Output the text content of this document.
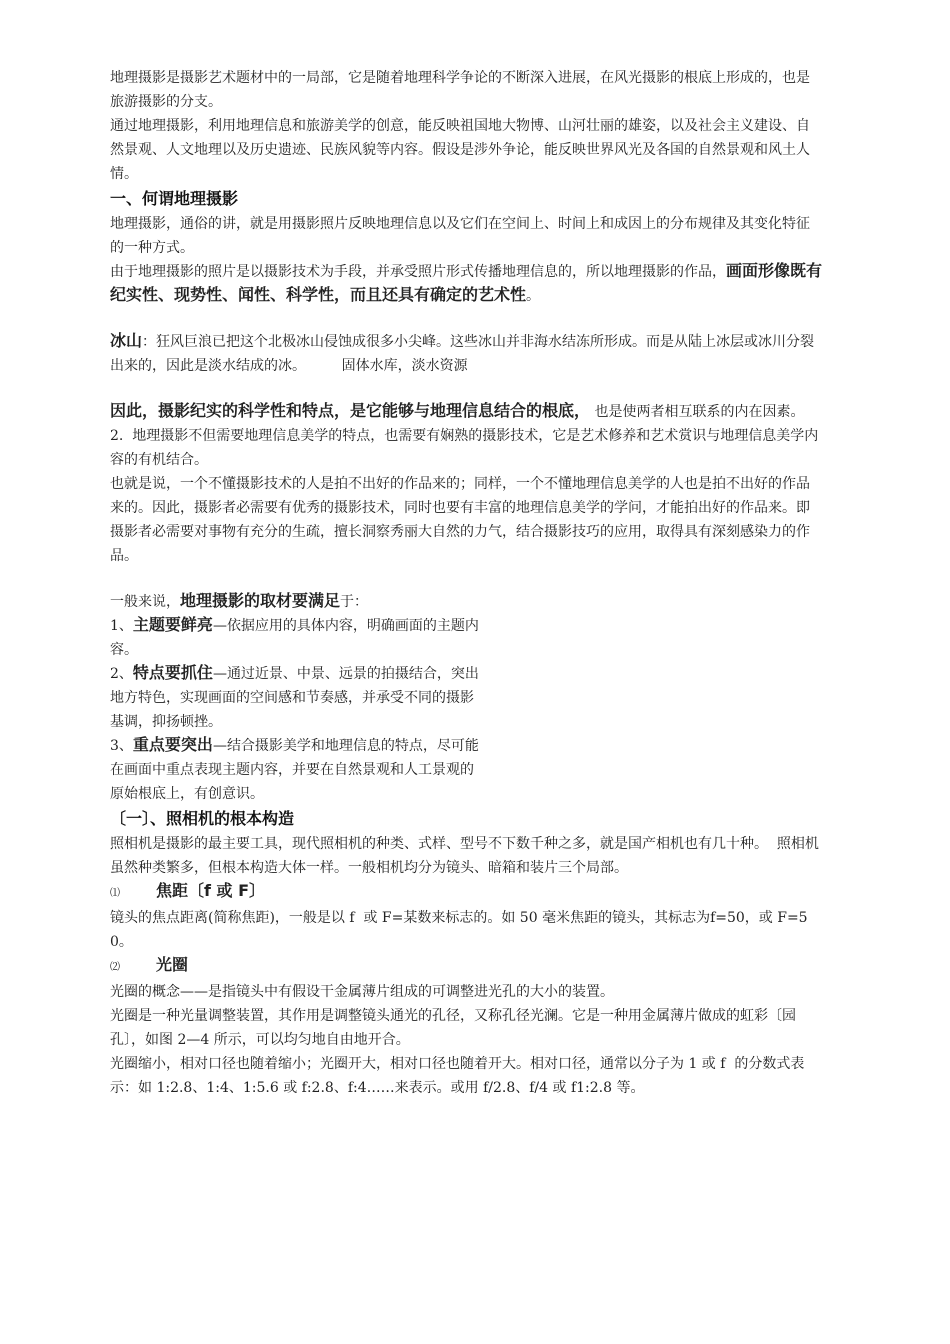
地理摄影是摄影艺术题材中的一局部，它是随着地理科学争论的不断深入进展，在风光摄影的根底上形成的，也是旅游摄影的分支。

通过地理摄影，利用地理信息和旅游美学的创意，能反映祖国地大物博、山河壮丽的雄姿，以及社会主义建设、自然景观、人文地理以及历史遗迹、民族风貌等内容。假设是涉外争论，能反映世界风光及各国的自然景观和风土人情。

一、何谓地理摄影

地理摄影，通俗的讲，就是用摄影照片反映地理信息以及它们在空间上、时间上和成因上的分布规律及其变化特征的一种方式。

由于地理摄影的照片是以摄影技术为手段，并承受照片形式传播地理信息的，所以地理摄影的作品，画面形像既有纪实性、现势性、闻性、科学性，而且还具有确定的艺术性。

冰山：狂风巨浪已把这个北极冰山侵蚀成很多小尖峰。这些冰山并非海水结冻所形成。而是从陆上冰层或冰川分裂出来的，因此是淡水结成的冰。        固体水库，淡水资源

因此，摄影纪实的科学性和特点，是它能够与地理信息结合的根底， 也是使两者相互联系的内在因素。

2.  地理摄影不但需要地理信息美学的特点，也需要有娴熟的摄影技术，它是艺术修养和艺术赏识与地理信息美学内容的有机结合。

也就是说，一个不懂摄影技术的人是拍不出好的作品来的；同样，一个不懂地理信息美学的人也是拍不出好的作品来的。因此，摄影者必需要有优秀的摄影技术，同时也要有丰富的地理信息美学的学问，才能拍出好的作品来。即摄影者必需要对事物有充分的生疏，擅长洞察秀丽大自然的力气，结合摄影技巧的应用，取得具有深刻感染力的作品。

一般来说，地理摄影的取材要满足于：

1、主题要鲜亮—依据应用的具体内容，明确画面的主题内容。

2、特点要抓住—通过近景、中景、远景的拍摄结合，突出地方特色，实现画面的空间感和节奏感，并承受不同的摄影基调，抑扬顿挫。

3、重点要突出—结合摄影美学和地理信息的特点，尽可能在画面中重点表现主题内容，并要在自然景观和人工景观的原始根底上，有创意识。

〔一〕、照相机的根本构造

照相机是摄影的最主要工具，现代照相机的种类、式样、型号不下数千种之多，就是国产相机也有几十种。  照相机虽然种类繁多，但根本构造大体一样。一般相机均分为镜头、暗箱和装片三个局部。

⑴ 焦距〔f 或 F〕

镜头的焦点距离(简称焦距)，一般是以 f  或 F=某数来标志的。如 50 毫米焦距的镜头，其标志为f=50，或 F=50。

⑵ 光圈

光圈的概念——是指镜头中有假设干金属薄片组成的可调整进光孔的大小的装置。

光圈是一种光量调整装置，其作用是调整镜头通光的孔径，又称孔径光澜。它是一种用金属薄片做成的虹彩〔园孔〕，如图 2—4 所示，可以均匀地自由地开合。

光圈缩小，相对口径也随着缩小；光圈开大，相对口径也随着开大。相对口径，通常以分子为 1 或 f  的分数式表示：如 1:2.8、1:4、1:5.6 或 f:2.8、f:4……来表示。或用 f/2.8、f/4 或 f1:2.8 等。
